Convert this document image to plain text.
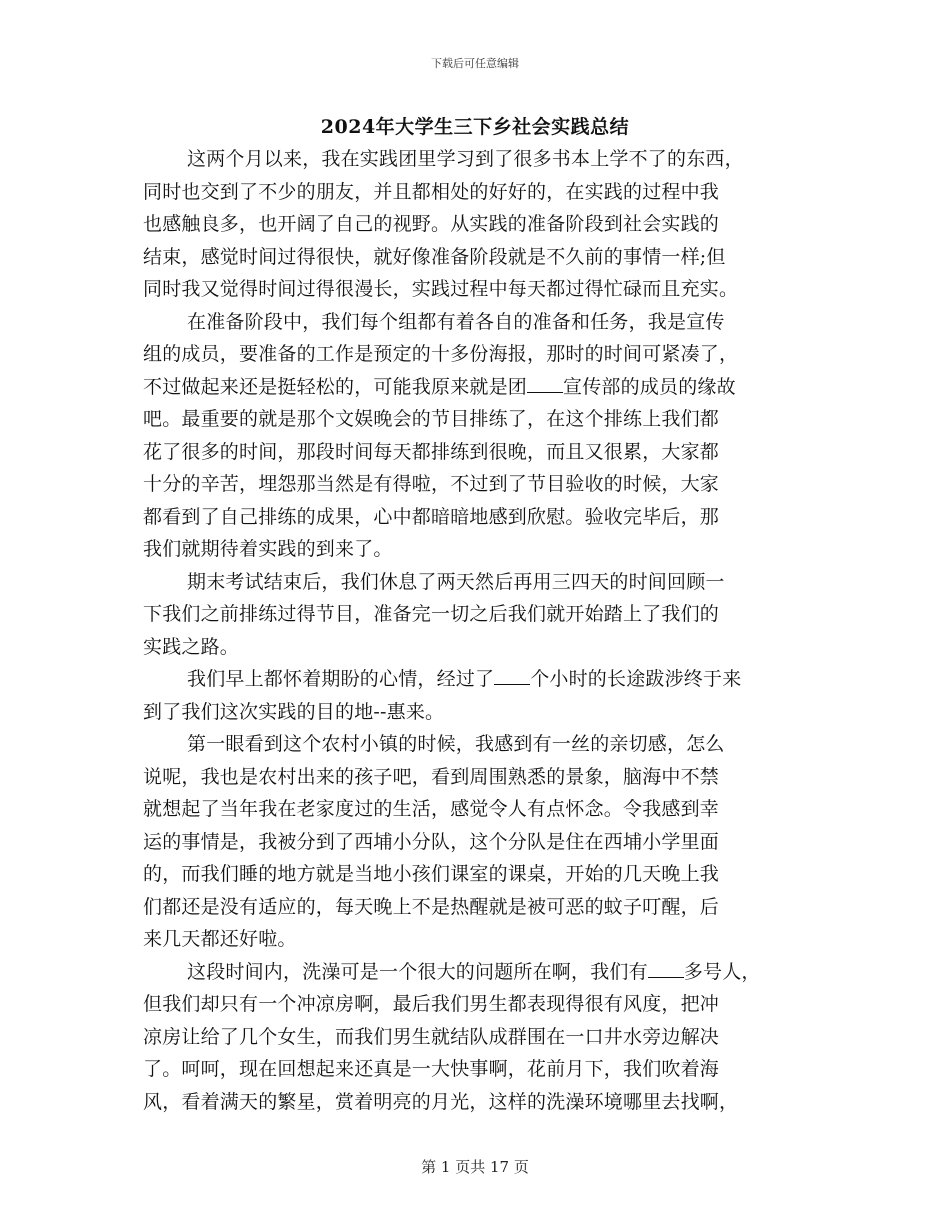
下载后可任意编辑
2024年大学生三下乡社会实践总结
这两个月以来，我在实践团里学习到了很多书本上学不了的东西，
同时也交到了不少的朋友，并且都相处的好好的，在实践的过程中我
也感触良多，也开阔了自己的视野。从实践的准备阶段到社会实践的
结束，感觉时间过得很快，就好像准备阶段就是不久前的事情一样;但
同时我又觉得时间过得很漫长，实践过程中每天都过得忙碌而且充实。
在准备阶段中，我们每个组都有着各自的准备和任务，我是宣传
组的成员，要准备的工作是预定的十多份海报，那时的时间可紧凑了，
不过做起来还是挺轻松的，可能我原来就是团 宣传部的成员的缘故
吧。最重要的就是那个文娱晚会的节目排练了，在这个排练上我们都
花了很多的时间，那段时间每天都排练到很晚，而且又很累，大家都
十分的辛苦，埋怨那当然是有得啦，不过到了节目验收的时候，大家
都看到了自己排练的成果，心中都暗暗地感到欣慰。验收完毕后，那
我们就期待着实践的到来了。
期末考试结束后，我们休息了两天然后再用三四天的时间回顾一
下我们之前排练过得节目，准备完一切之后我们就开始踏上了我们的
实践之路。
我们早上都怀着期盼的心情，经过了 个小时的长途跋涉终于来
到了我们这次实践的目的地--惠来。
第一眼看到这个农村小镇的时候，我感到有一丝的亲切感，怎么
说呢，我也是农村出来的孩子吧，看到周围熟悉的景象，脑海中不禁
就想起了当年我在老家度过的生活，感觉令人有点怀念。令我感到幸
运的事情是，我被分到了西埔小分队，这个分队是住在西埔小学里面
的，而我们睡的地方就是当地小孩们课室的课桌，开始的几天晚上我
们都还是没有适应的，每天晚上不是热醒就是被可恶的蚊子叮醒，后
来几天都还好啦。
这段时间内，洗澡可是一个很大的问题所在啊，我们有 多号人，
但我们却只有一个冲凉房啊，最后我们男生都表现得很有风度，把冲
凉房让给了几个女生，而我们男生就结队成群围在一口井水旁边解决
了。呵呵，现在回想起来还真是一大快事啊，花前月下，我们吹着海
风，看着满天的繁星，赏着明亮的月光，这样的洗澡环境哪里去找啊，
第 1 页共 17 页
